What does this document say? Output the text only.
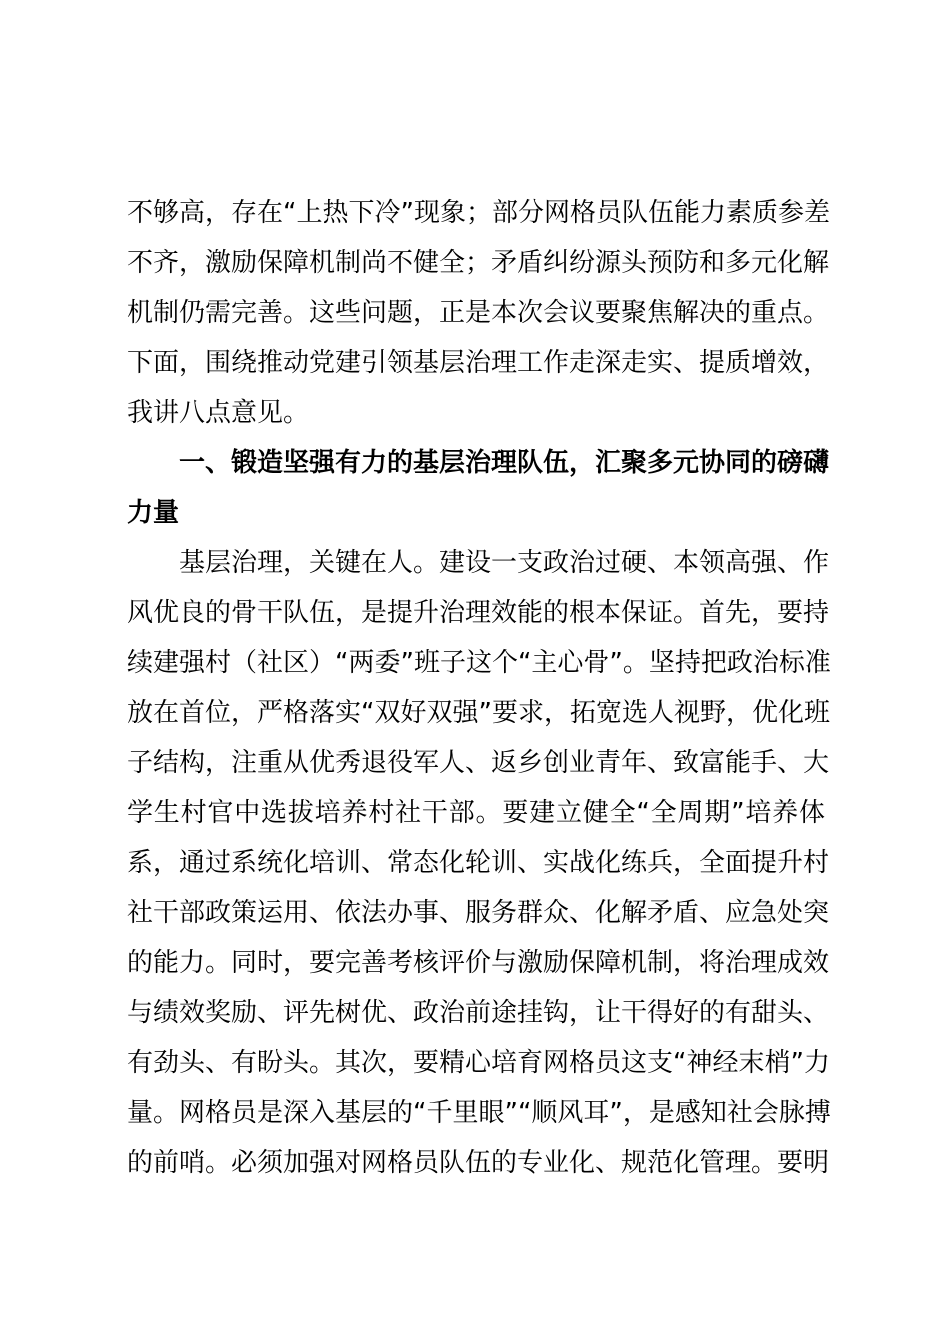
不够高，存在“上热下冷”现象；部分网格员队伍能力素质参差
不齐，激励保障机制尚不健全；矛盾纠纷源头预防和多元化解
机制仍需完善。这些问题，正是本次会议要聚焦解决的重点。
下面，围绕推动党建引领基层治理工作走深走实、提质增效，
我讲八点意见。
一、锻造坚强有力的基层治理队伍，汇聚多元协同的磅礴
力量
基层治理，关键在人。建设一支政治过硬、本领高强、作
风优良的骨干队伍，是提升治理效能的根本保证。首先，要持
续建强村（社区）“两委”班子这个“主心骨”。坚持把政治标准
放在首位，严格落实“双好双强”要求，拓宽选人视野，优化班
子结构，注重从优秀退役军人、返乡创业青年、致富能手、大
学生村官中选拔培养村社干部。要建立健全“全周期”培养体
系，通过系统化培训、常态化轮训、实战化练兵，全面提升村
社干部政策运用、依法办事、服务群众、化解矛盾、应急处突
的能力。同时，要完善考核评价与激励保障机制，将治理成效
与绩效奖励、评先树优、政治前途挂钩，让干得好的有甜头、
有劲头、有盼头。其次，要精心培育网格员这支“神经末梢”力
量。网格员是深入基层的“千里眼”“顺风耳”，是感知社会脉搏
的前哨。必须加强对网格员队伍的专业化、规范化管理。要明
